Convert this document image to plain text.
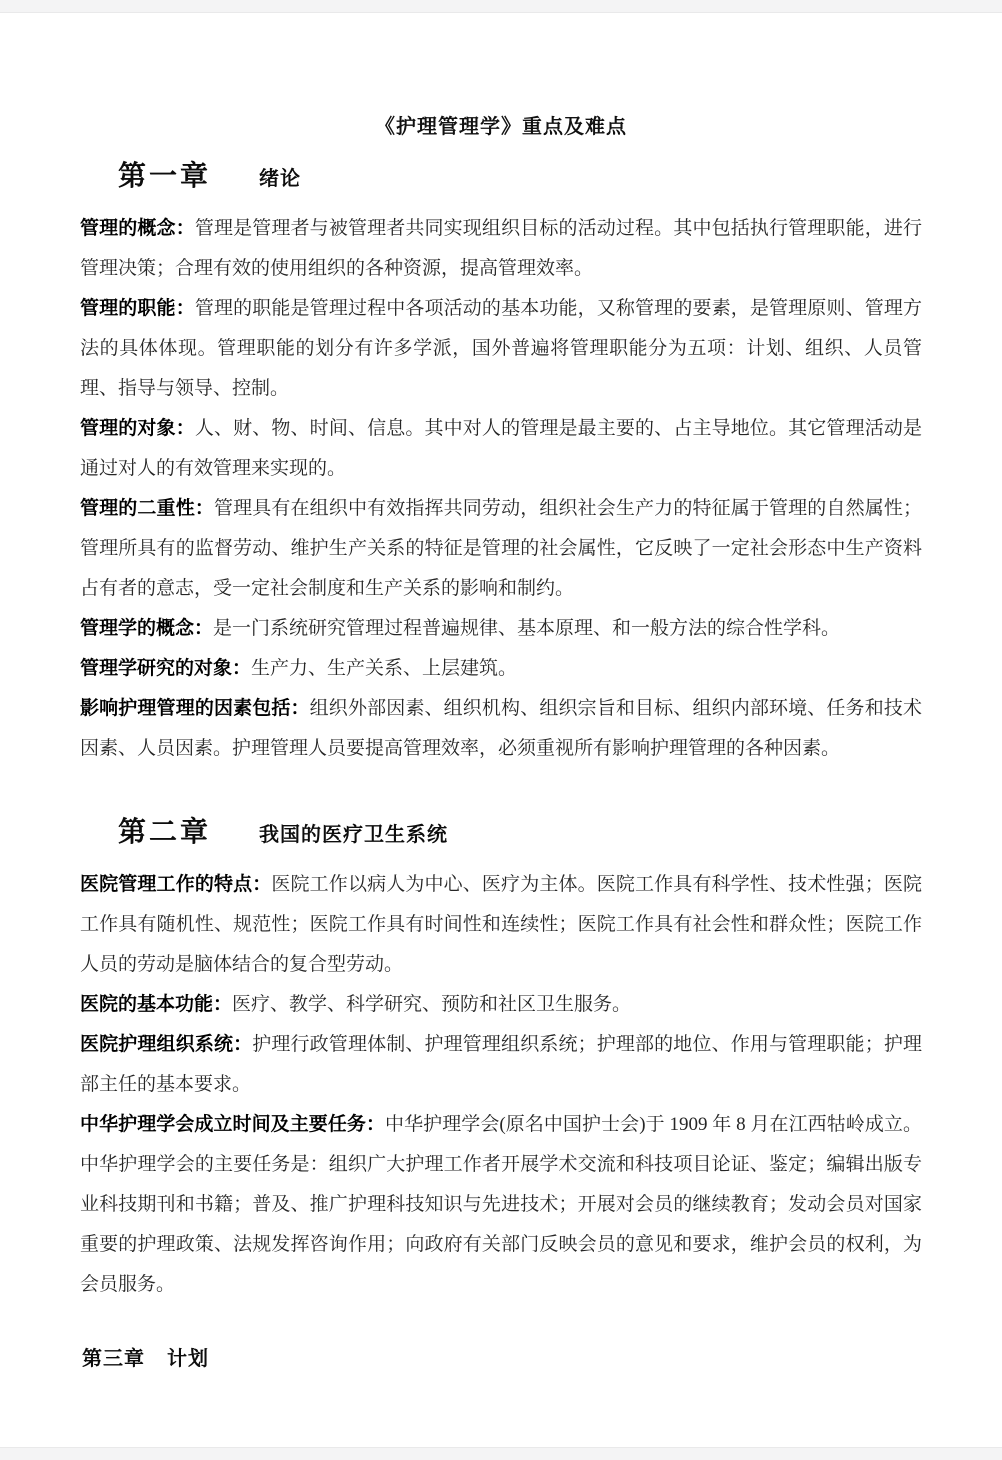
《护理管理学》重点及难点
第一章 绪论

管理的概念：管理是管理者与被管理者共同实现组织目标的活动过程。其中包括执行管理职能，进行管理决策；合理有效的使用组织的各种资源，提高管理效率。

管理的职能：管理的职能是管理过程中各项活动的基本功能，又称管理的要素，是管理原则、管理方法的具体体现。管理职能的划分有许多学派，国外普遍将管理职能分为五项：计划、组织、人员管理、指导与领导、控制。

管理的对象：人、财、物、时间、信息。其中对人的管理是最主要的、占主导地位。其它管理活动是通过对人的有效管理来实现的。

管理的二重性：管理具有在组织中有效指挥共同劳动，组织社会生产力的特征属于管理的自然属性；管理所具有的监督劳动、维护生产关系的特征是管理的社会属性，它反映了一定社会形态中生产资料占有者的意志，受一定社会制度和生产关系的影响和制约。

管理学的概念：是一门系统研究管理过程普遍规律、基本原理、和一般方法的综合性学科。

管理学研究的对象：生产力、生产关系、上层建筑。

影响护理管理的因素包括：组织外部因素、组织机构、组织宗旨和目标、组织内部环境、任务和技术因素、人员因素。护理管理人员要提高管理效率，必须重视所有影响护理管理的各种因素。

第二章 我国的医疗卫生系统

医院管理工作的特点：医院工作以病人为中心、医疗为主体。医院工作具有科学性、技术性强；医院工作具有随机性、规范性；医院工作具有时间性和连续性；医院工作具有社会性和群众性；医院工作人员的劳动是脑体结合的复合型劳动。

医院的基本功能：医疗、教学、科学研究、预防和社区卫生服务。

医院护理组织系统：护理行政管理体制、护理管理组织系统；护理部的地位、作用与管理职能；护理部主任的基本要求。

中华护理学会成立时间及主要任务：中华护理学会(原名中国护士会)于 1909 年 8 月在江西牯岭成立。中华护理学会的主要任务是：组织广大护理工作者开展学术交流和科技项目论证、鉴定；编辑出版专业科技期刊和书籍；普及、推广护理科技知识与先进技术；开展对会员的继续教育；发动会员对国家重要的护理政策、法规发挥咨询作用；向政府有关部门反映会员的意见和要求，维护会员的权利，为会员服务。

第三章 计划
